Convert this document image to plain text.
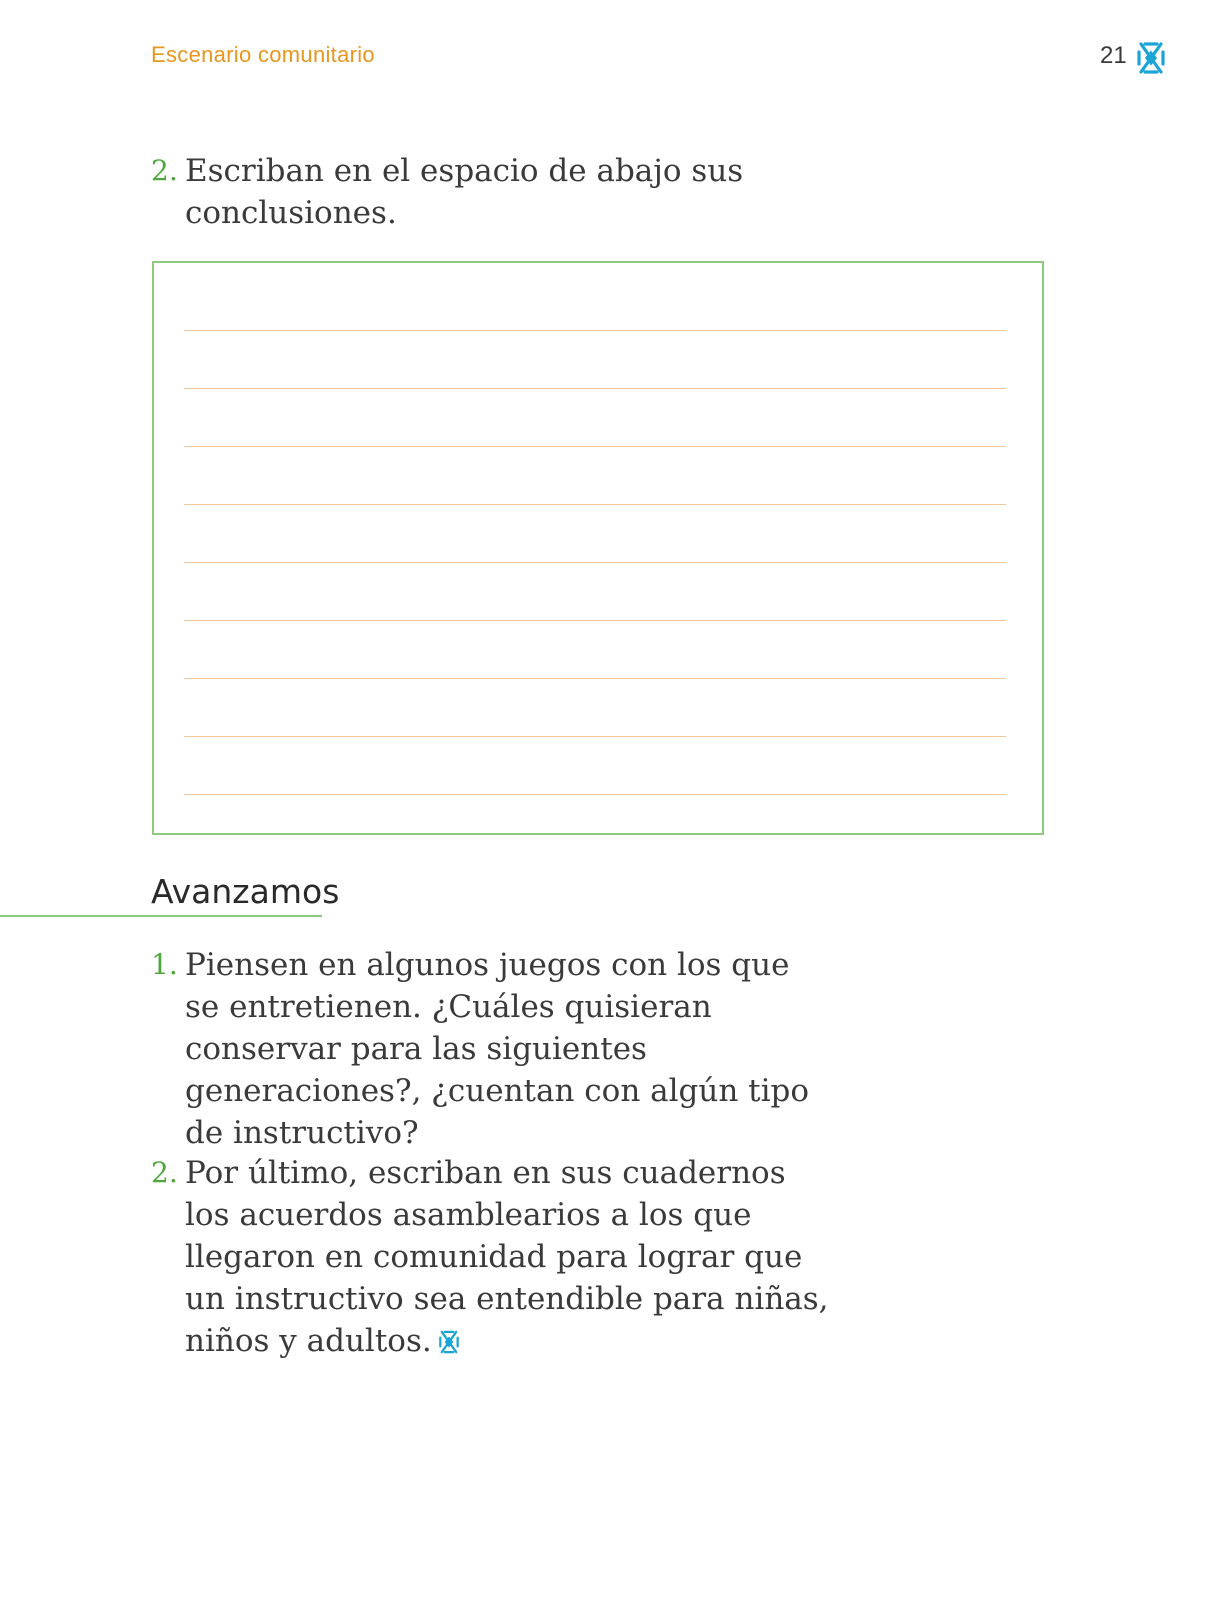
Escenario comunitario	21
2. Escriban en el espacio de abajo sus conclusiones.
Avanzamos
1. Piensen en algunos juegos con los que se entretienen. ¿Cuáles quisieran conservar para las siguientes generaciones?, ¿cuentan con algún tipo de instructivo?
2. Por último, escriban en sus cuadernos los acuerdos asamblearios a los que llegaron en comunidad para lograr que un instructivo sea entendible para niñas, niños y adultos.
